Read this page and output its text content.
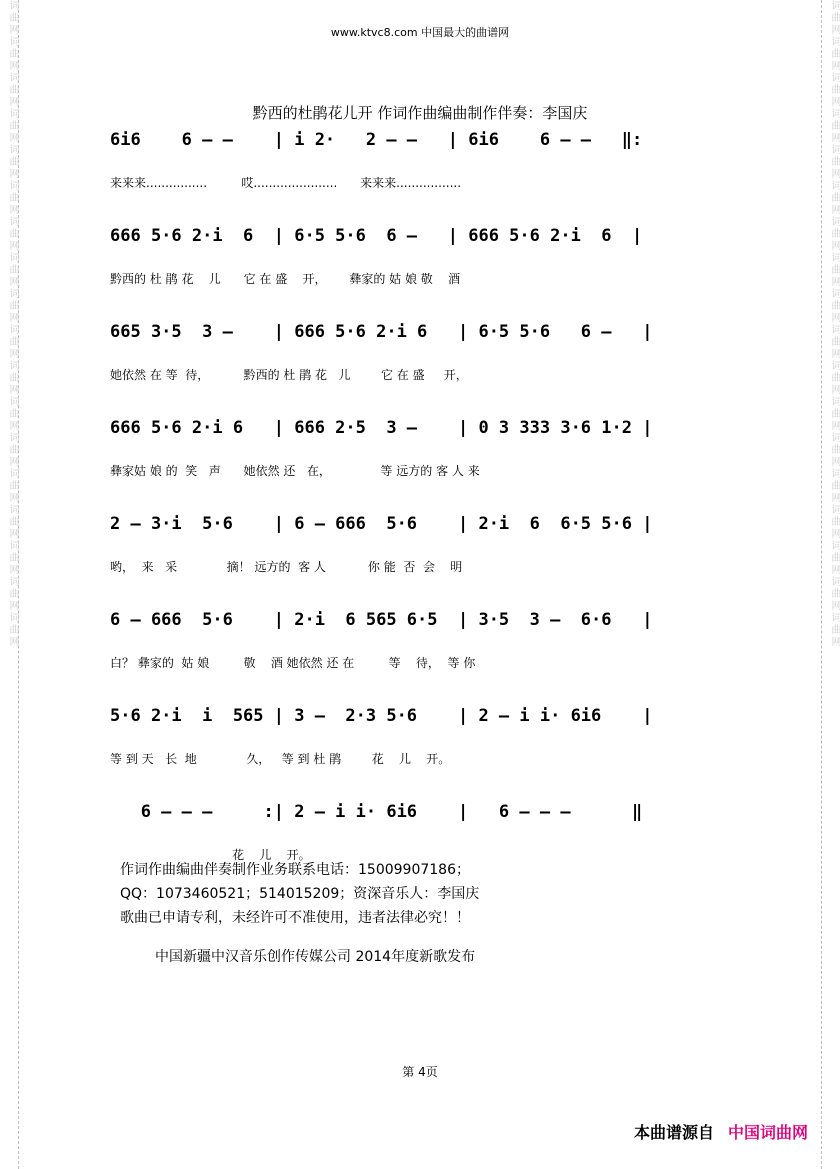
词曲网词曲网词曲网词曲网词曲网词曲网词曲网词曲网词曲网词曲网词曲网词曲网词曲网词曲网词曲网词曲网词曲网词曲网	词曲网词曲网词曲网词曲网词曲网词曲网词曲网词曲网词曲网词曲网词曲网词曲网词曲网词曲网词曲网词曲网词曲网词曲网
www.ktvc8.com 中国最大的曲谱网
黔西的杜鹃花儿开 作词作曲编曲制作伴奏：李国庆
6i6    6 – –    | i 2·   2 – –   | 6i6    6 – –   ‖:
来来来................         哎......................      来来来.................
666 5·6 2·i  6  | 6·5 5·6  6 –   | 666 5·6 2·i  6  |
黔西的 杜 鹃 花    儿      它 在 盛    开，      彝家的 姑 娘 敬    酒
665 3·5  3 –    | 666 5·6 2·i 6   | 6·5 5·6   6 –   |
她依然 在 等  待，         黔西的 杜 鹃 花   儿        它 在 盛     开，
666 5·6 2·i 6   | 666 2·5  3 –    | 0 3 333 3·6 1·2 |
彝家姑 娘 的  笑   声      她依然 还   在，             等 远方的 客 人 来
2 – 3·i  5·6    | 6 – 666  5·6    | 2·i  6  6·5 5·6 |
哟，  来   采             摘！ 远方的  客 人           你 能  否  会    明
6 – 666  5·6    | 2·i  6 565 6·5  | 3·5  3 –  6·6   |
白？ 彝家的  姑 娘         敬    酒 她依然 还 在         等    待，  等 你
5·6 2·i  i  565 | 3 –  2·3 5·6    | 2 – i i· 6i6    |
等 到 天   长  地             久，   等 到 杜 鹃        花    儿    开。
6 – – –     :| 2 – i i· 6i6    |   6 – – –      ‖
花    儿    开。
作词作曲编曲伴奏制作业务联系电话：15009907186；
QQ：1073460521；514015209；资深音乐人：李国庆
歌曲已申请专利，未经许可不准使用，违者法律必究！！
中国新疆中汉音乐创作传媒公司 2014年度新歌发布
第 4页
本曲谱源自 中国词曲网
